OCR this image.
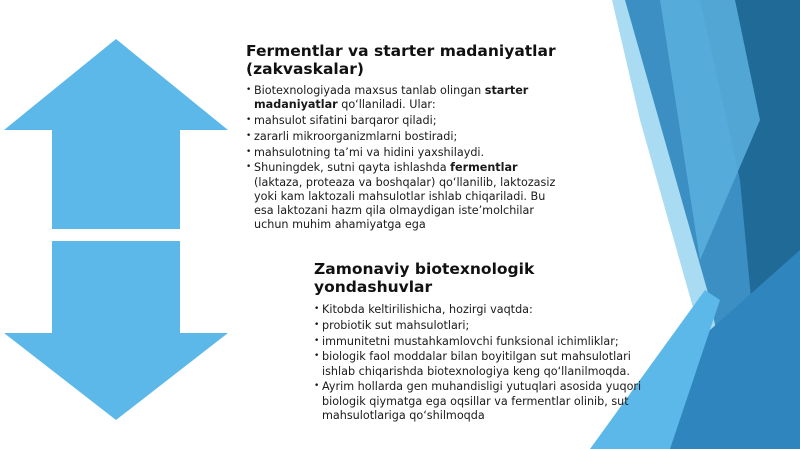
Fermentlar va starter madaniyatlar (zakvaskalar)
• Biotexnologiyada maxsus tanlab olingan starter madaniyatlar qo‘llaniladi. Ular:
• mahsulot sifatini barqaror qiladi;
• zararli mikroorganizmlarni bostiradi;
• mahsulotning ta’mi va hidini yaxshilaydi.
• Shuningdek, sutni qayta ishlashda fermentlar (laktaza, proteaza va boshqalar) qo‘llanilib, laktozasiz yoki kam laktozali mahsulotlar ishlab chiqariladi. Bu esa laktozani hazm qila olmaydigan iste’molchilar uchun muhim ahamiyatga ega
Zamonaviy biotexnologik yondashuvlar
• Kitobda keltirilishicha, hozirgi vaqtda:
• probiotik sut mahsulotlari;
• immunitetni mustahkamlovchi funksional ichimliklar;
• biologik faol moddalar bilan boyitilgan sut mahsulotlari ishlab chiqarishda biotexnologiya keng qo‘llanilmoqda.
• Ayrim hollarda gen muhandisligi yutuqlari asosida yuqori biologik qiymatga ega oqsillar va fermentlar olinib, sut mahsulotlariga qo‘shilmoqda
